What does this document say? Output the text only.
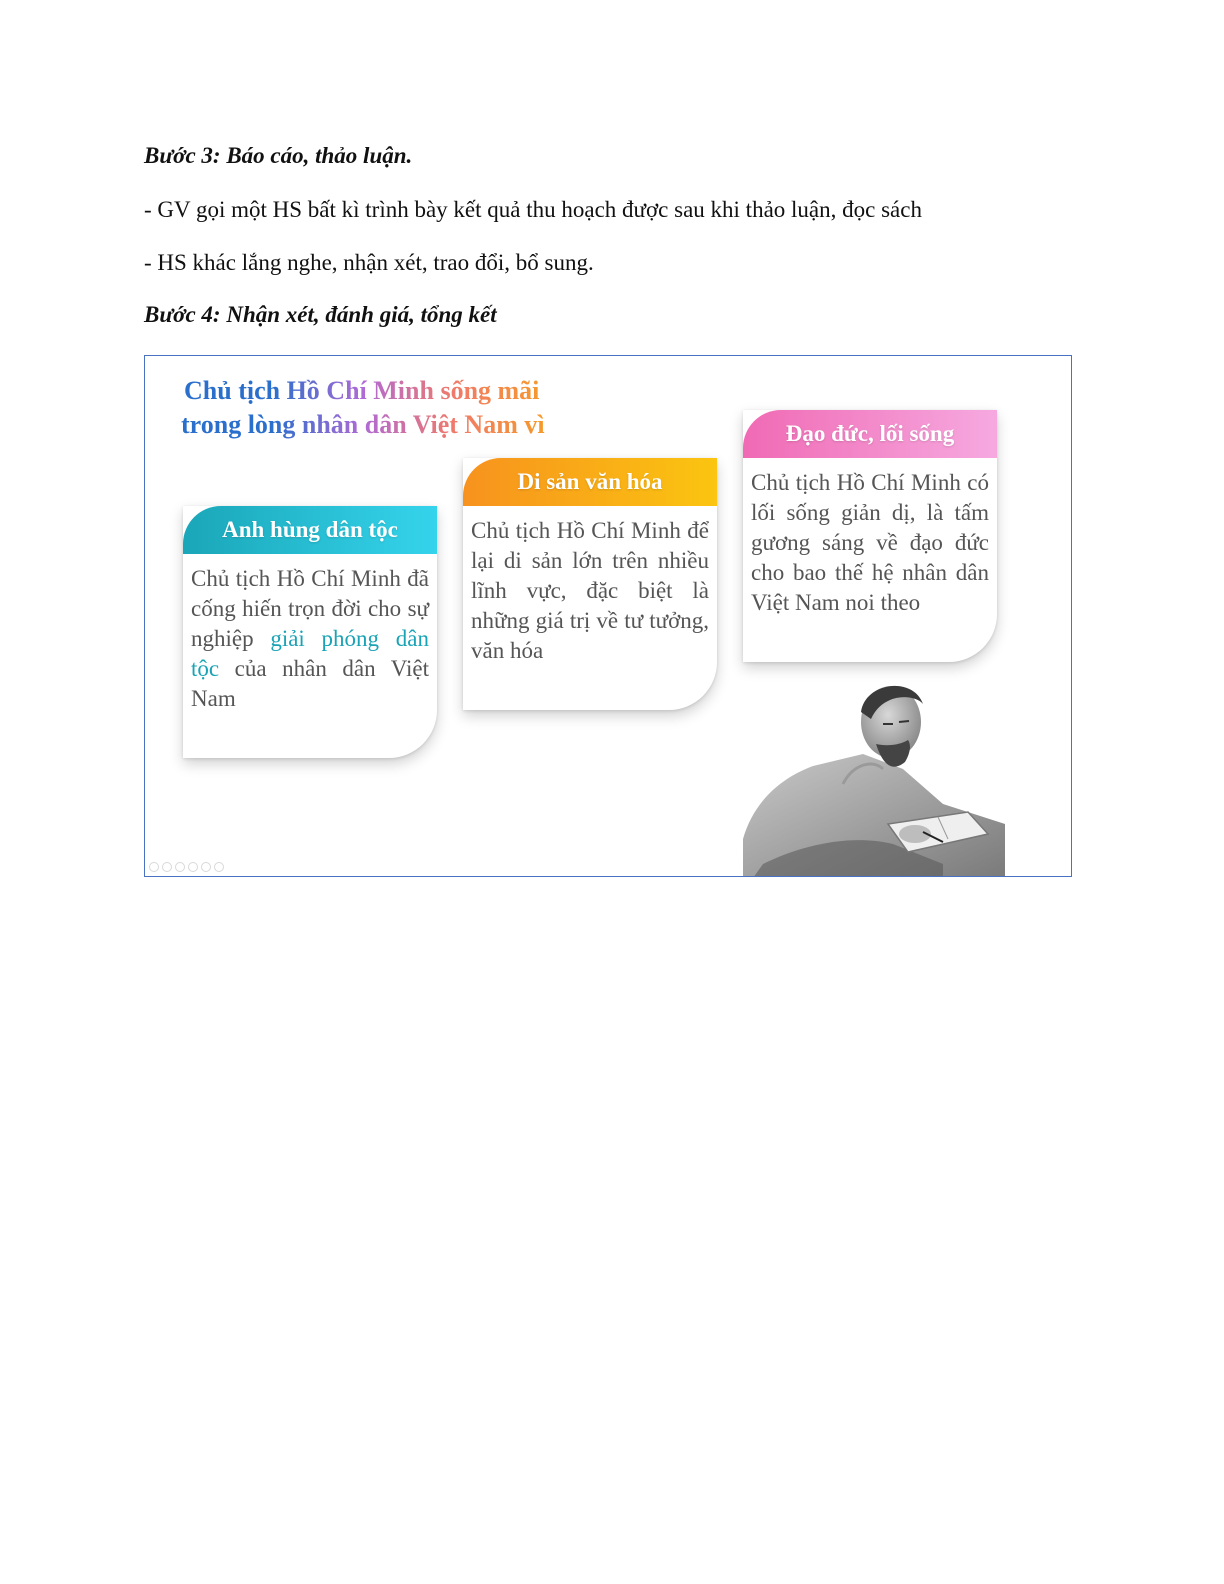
Bước 3: Báo cáo, thảo luận.

- GV gọi một HS bất kì trình bày kết quả thu hoạch được sau khi thảo luận, đọc sách

- HS khác lắng nghe, nhận xét, trao đổi, bổ sung.

Bước 4: Nhận xét, đánh giá, tổng kết

Chủ tịch Hồ Chí Minh sống mãi
trong lòng nhân dân Việt Nam vì
Anh hùng dân tộc
Chủ tịch Hồ Chí Minh đã cống hiến trọn đời cho sự nghiệp giải phóng dân tộc của nhân dân Việt Nam
Di sản văn hóa
Chủ tịch Hồ Chí Minh để lại di sản lớn trên nhiều lĩnh vực, đặc biệt là những giá trị về tư tưởng, văn hóa
Đạo đức, lối sống
Chủ tịch Hồ Chí Minh có lối sống giản dị, là tấm gương sáng về đạo đức cho bao thế hệ nhân dân Việt Nam noi theo
